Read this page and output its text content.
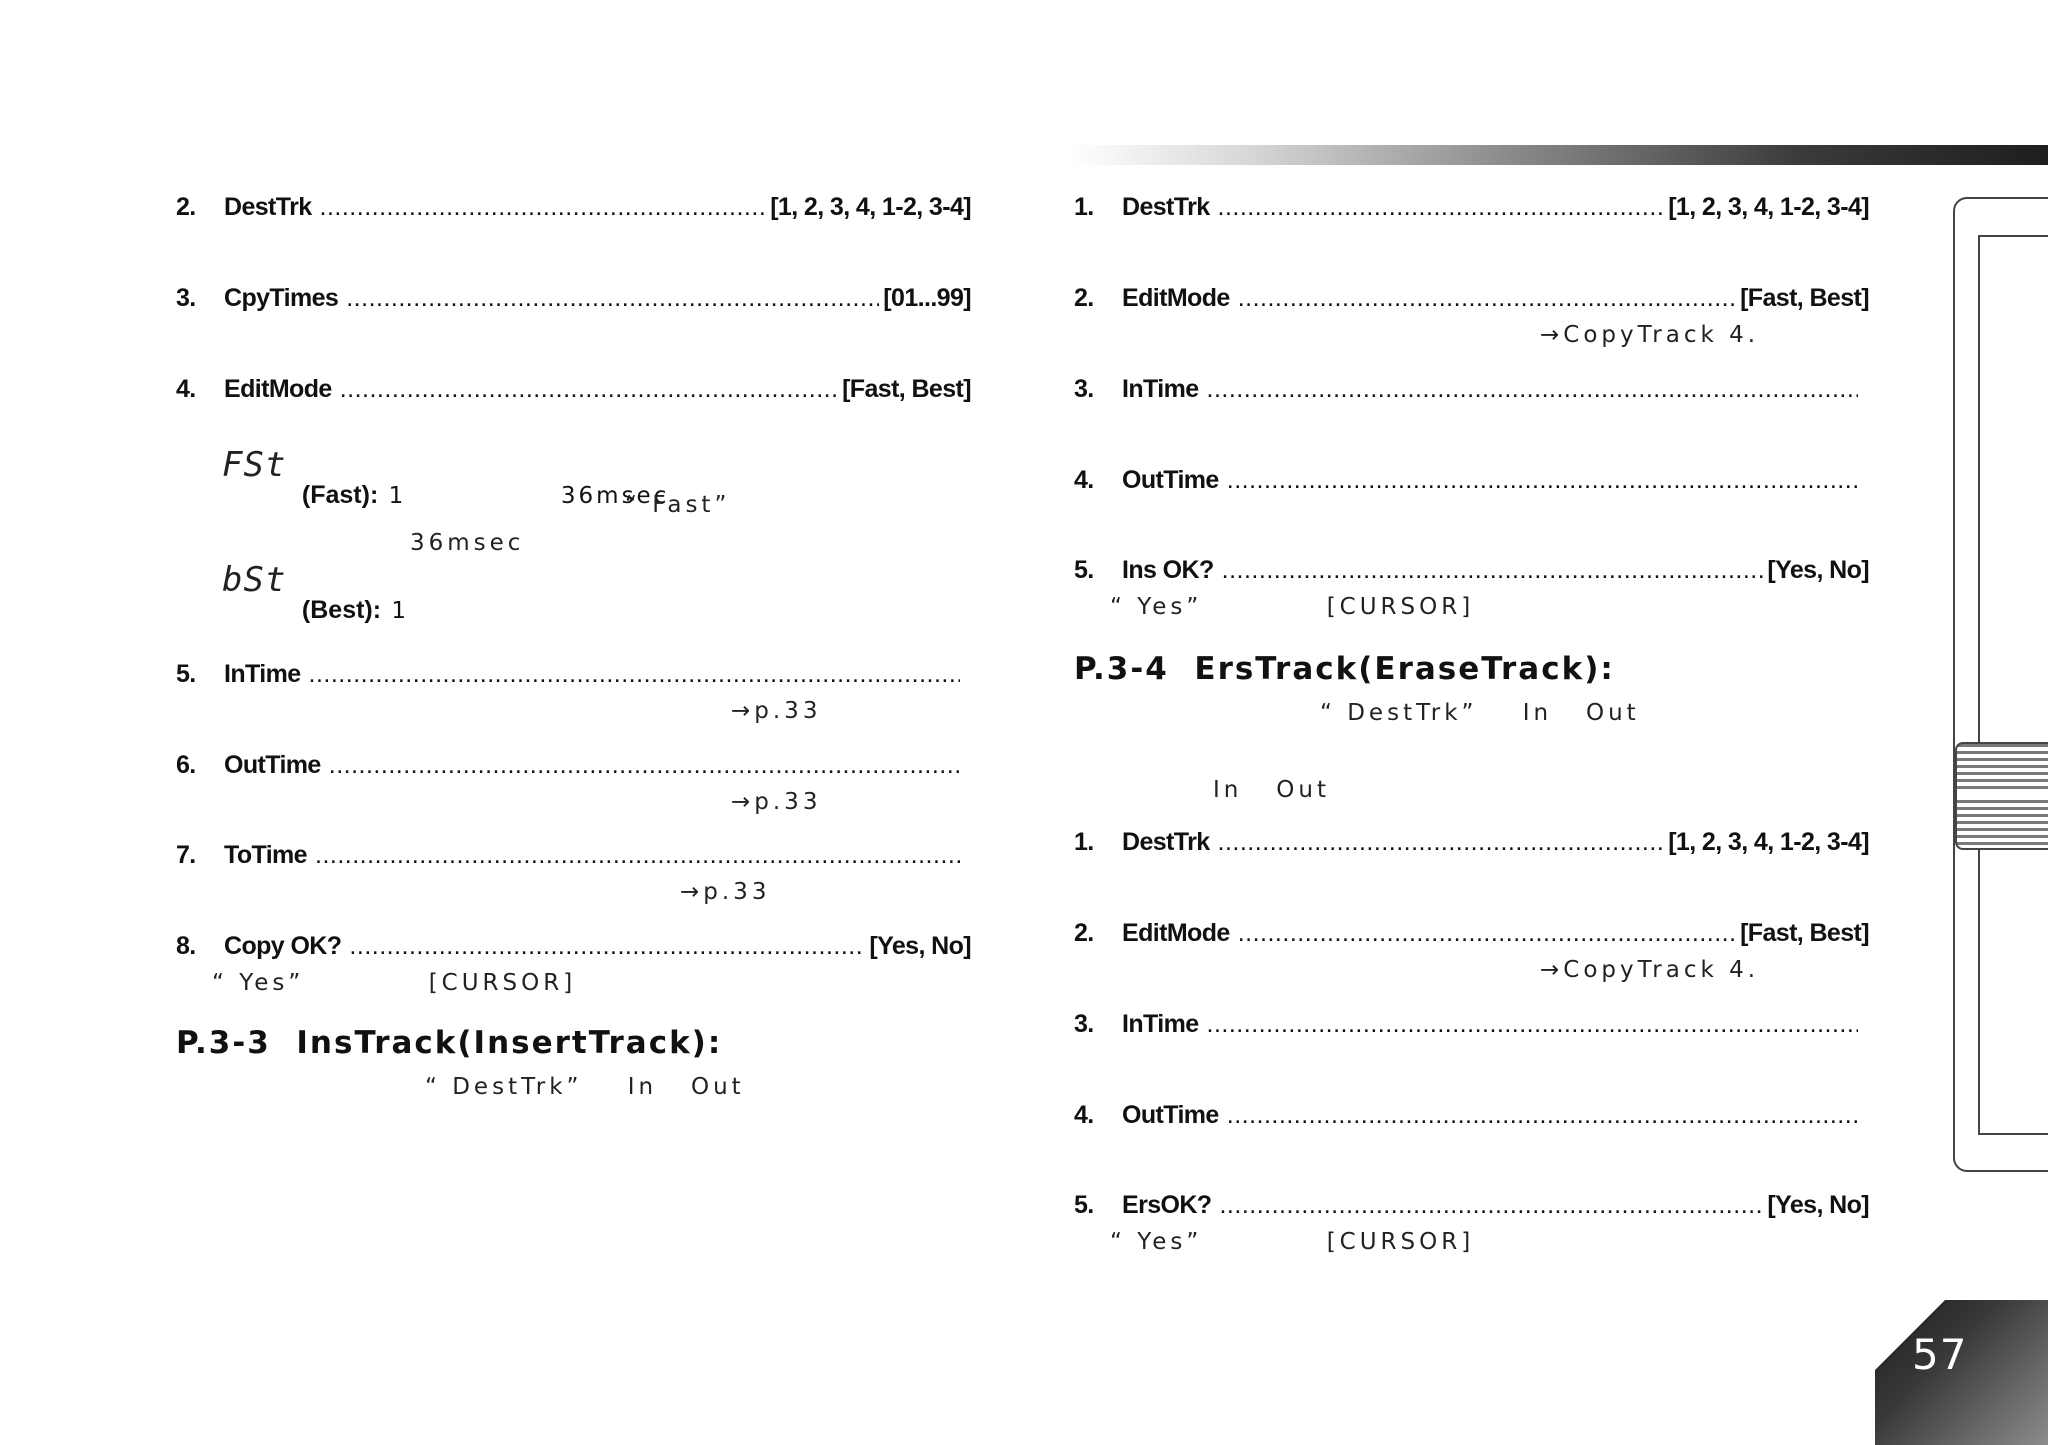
2.	DestTrk .....	[1, 2, 3, 4, 1-2, 3-4]
3.	CpyTimes .....	[01...99]
4.	EditMode .....	[Fast, Best]
FSt

(Fast): 1               36msec

“ Fast”
36msec
bSt

(Best): 1

5.	InTime
.....
→p.33
6.	OutTime
.....
→p.33
7.	ToTime
.....
→p.33
8.	Copy OK? .....	[Yes, No]
“ Yes”           [CURSOR]
P.3-3  InsTrack(InsertTrack):
“ DestTrk”    In   Out
1.	DestTrk .....	[1, 2, 3, 4, 1-2, 3-4]
2.	EditMode .....	[Fast, Best]
→CopyTrack 4.
3.	InTime
.....
4.	OutTime
.....
5.	Ins OK? .....	[Yes, No]
“ Yes”           [CURSOR]
P.3-4  ErsTrack(EraseTrack):
“ DestTrk”    In   Out
In   Out
1.	DestTrk .....	[1, 2, 3, 4, 1-2, 3-4]
2.	EditMode .....	[Fast, Best]
→CopyTrack 4.
3.	InTime
.....
4.	OutTime
.....
5.	ErsOK? .....	[Yes, No]
“ Yes”           [CURSOR]
57
